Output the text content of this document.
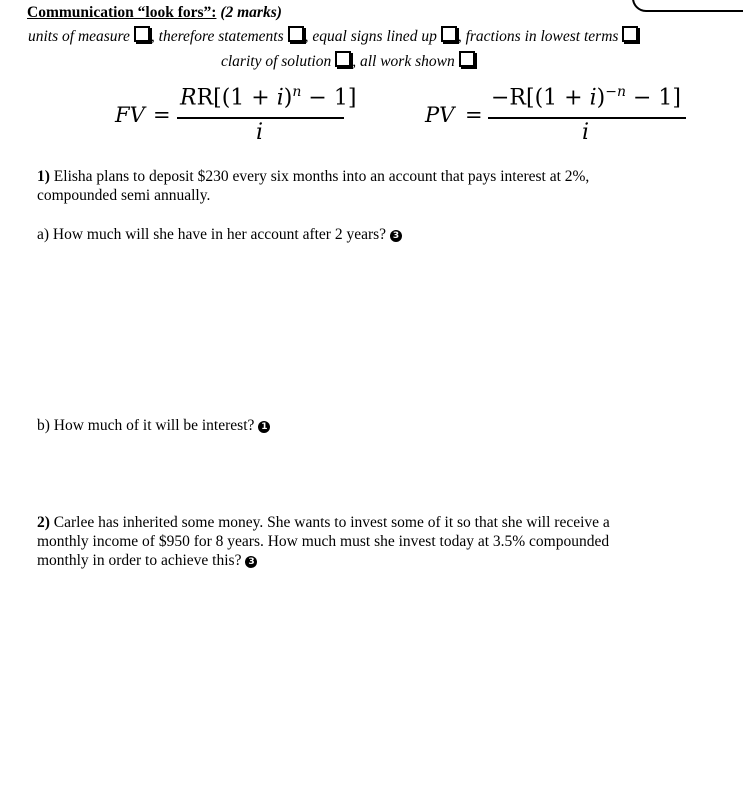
Communication “look fors”: (2 marks)
units of measure , therefore statements , equal signs lined up , fractions in lowest terms
clarity of solution , all work shown
FV =
$RR[(1 + i)^n - 1]$
i
PV =
$-R[(1 + i)^{-n} - 1]$
i
1) Elisha plans to deposit $230 every six months into an account that pays interest at 2%,
compounded semi annually.
a) How much will she have in her account after 2 years? 3
b) How much of it will be interest? 1
2) Carlee has inherited some money. She wants to invest some of it so that she will receive a
monthly income of $950 for 8 years. How much must she invest today at 3.5% compounded
monthly in order to achieve this? 3
